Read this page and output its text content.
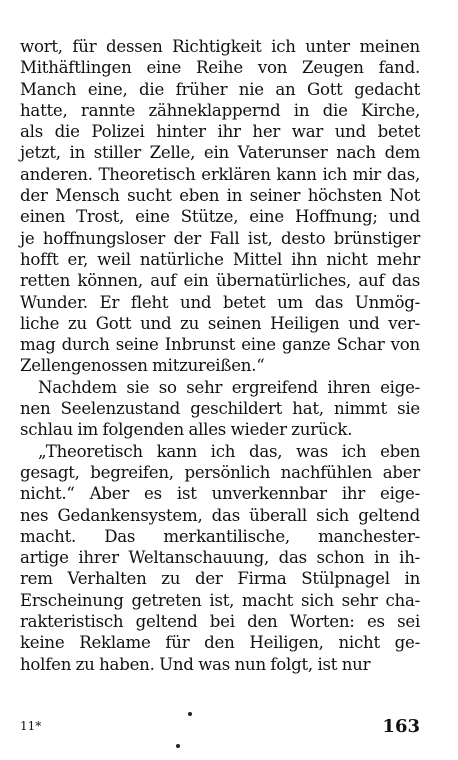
wort, für dessen Richtigkeit ich unter meinen
Mithäftlingen eine Reihe von Zeugen fand.
Manch eine, die früher nie an Gott gedacht
hatte, rannte zähneklappernd in die Kirche,
als die Polizei hinter ihr her war und betet
jetzt, in stiller Zelle, ein Vaterunser nach dem
anderen. Theoretisch erklären kann ich mir das,
der Mensch sucht eben in seiner höchsten Not
einen Trost, eine Stütze, eine Hoffnung; und
je hoffnungsloser der Fall ist, desto brünstiger
hofft er, weil natürliche Mittel ihn nicht mehr
retten können, auf ein übernatürliches, auf das
Wunder. Er fleht und betet um das Unmög-
liche zu Gott und zu seinen Heiligen und ver-
mag durch seine Inbrunst eine ganze Schar von
Zellengenossen mitzureißen.“

Nachdem sie so sehr ergreifend ihren eige-
nen Seelenzustand geschildert hat, nimmt sie
schlau im folgenden alles wieder zurück.

„Theoretisch kann ich das, was ich eben
gesagt, begreifen, persönlich nachfühlen aber
nicht.“ Aber es ist unverkennbar ihr eige-
nes Gedankensystem, das überall sich geltend
macht. Das merkantilische, manchester-
artige ihrer Weltanschauung, das schon in ih-
rem Verhalten zu der Firma Stülpnagel in
Erscheinung getreten ist, macht sich sehr cha-
rakteristisch geltend bei den Worten: es sei
keine Reklame für den Heiligen, nicht ge-
holfen zu haben. Und was nun folgt, ist nur

11*	163
